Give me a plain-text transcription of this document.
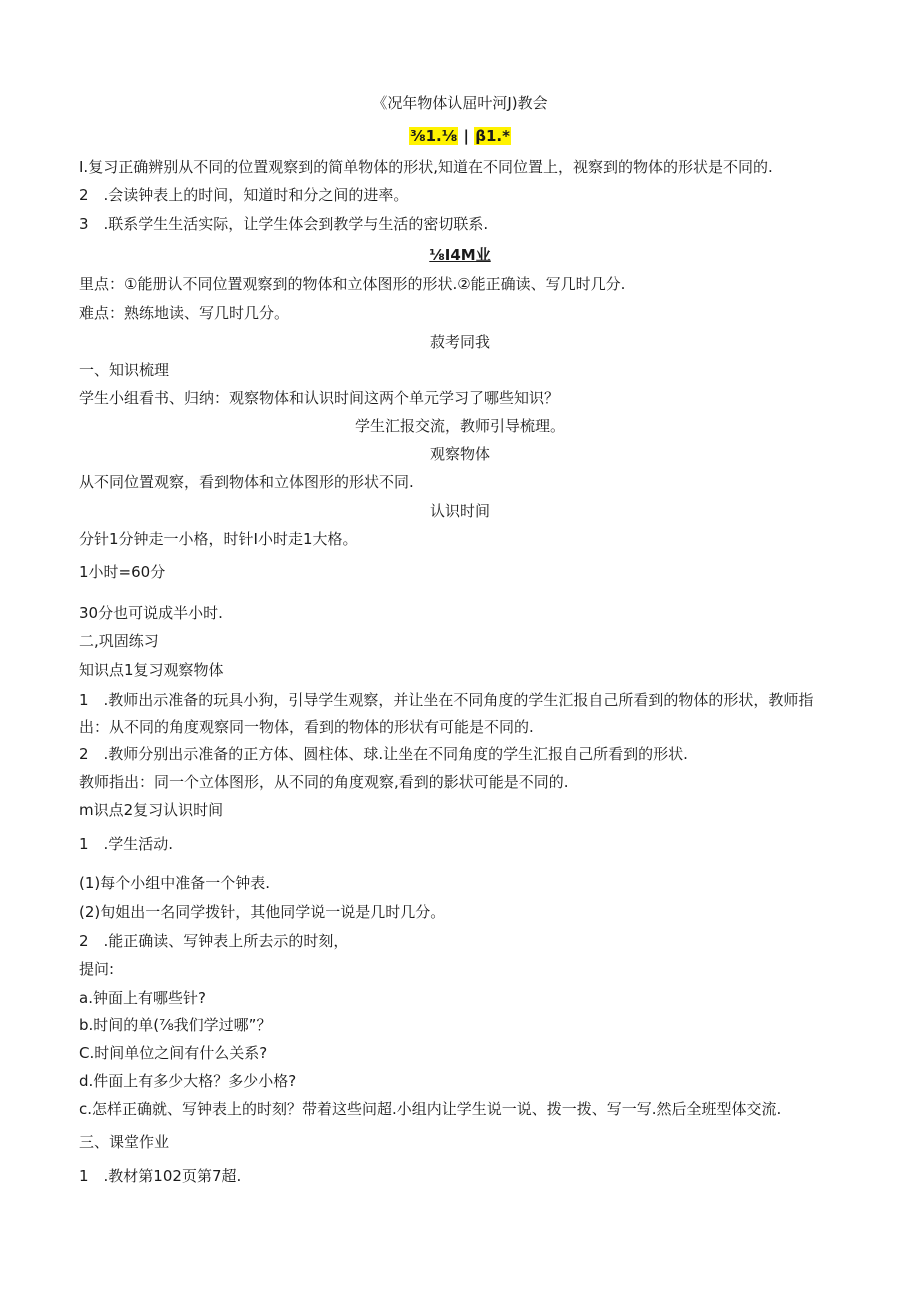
《况年物体认屈叶河J)教会
⅜1.⅛ | β1.*
I.复习正确辨别从不同的位置观察到的简单物体的形状,知道在不同位置上，视察到的物体的形状是不同的.
2　.会读钟表上的时间，知道时和分之间的进率。
3　.联系学生生活实际，让学生体会到教学与生活的密切联系.
⅛I4M业
里点：①能册认不同位置观察到的物体和立体图形的形状.②能正确读、写几时几分.
难点：熟练地读、写几时几分。
菽考同我
一、知识梳理
学生小组看书、归纳：观察物体和认识时间这两个单元学习了哪些知识？
学生汇报交流，教师引导梳理。
观察物体
从不同位置观察，看到物体和立体图形的形状不同.
认识时间
分针1分钟走一小格，时针I小时走1大格。
1小时=60分
30分也可说成半小时.
二,巩固练习
知识点1复习观察物体
1　.教师出示准备的玩具小狗，引导学生观察，并让坐在不同角度的学生汇报自己所看到的物体的形状，教师指
出：从不同的角度观察同一物体，看到的物体的形状有可能是不同的.
2　.教师分别出示准备的正方体、圆柱体、球.让坐在不同角度的学生汇报自己所看到的形状.
教师指出：同一个立体图形，从不同的角度观察,看到的影状可能是不同的.
m识点2复习认识时间
1　.学生活动.
(1)每个小组中准备一个钟表.
(2)旬姐出一名同学拨针，其他同学说一说是几时几分。
2　.能正确读、写钟表上所去示的时刻，
提问:
a.钟面上有哪些针?
b.时间的单(⅞我们学过哪”？
C.时间单位之间有什么关系?
d.件面上有多少大格？多少小格?
c.怎样正确就、写钟表上的时刻？带着这些问超.小组内让学生说一说、拨一拨、写一写.然后全班型体交流.
三、课堂作业
1　.教材第102页第7超.
